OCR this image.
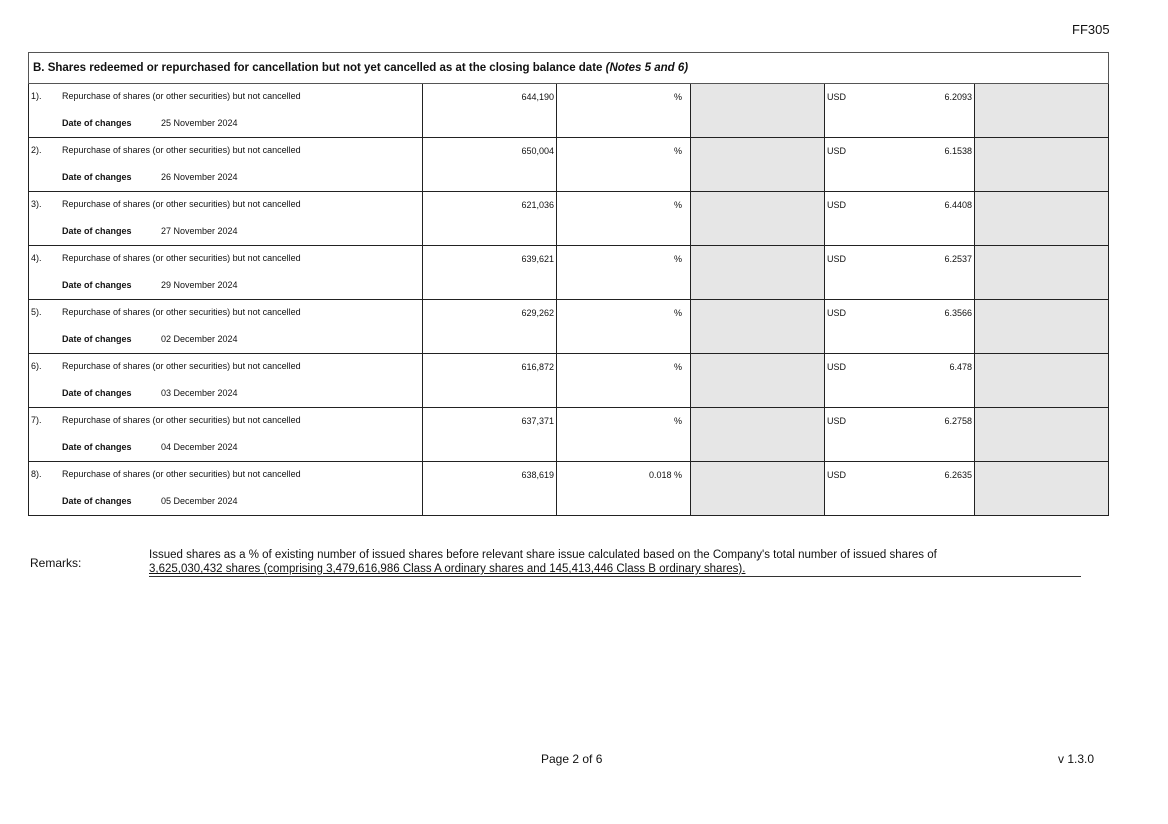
FF305
B. Shares redeemed or repurchased for cancellation but not yet cancelled as at the closing balance date (Notes 5 and 6)					

1). Repurchase of shares (or other securities) but not cancelled
Date of changes 25 November 2024	644,190	%		USD 6.2093	

2). Repurchase of shares (or other securities) but not cancelled
Date of changes 26 November 2024	650,004	%		USD 6.1538	

3). Repurchase of shares (or other securities) but not cancelled
Date of changes 27 November 2024	621,036	%		USD 6.4408	

4). Repurchase of shares (or other securities) but not cancelled
Date of changes 29 November 2024	639,621	%		USD 6.2537	

5). Repurchase of shares (or other securities) but not cancelled
Date of changes 02 December 2024	629,262	%		USD 6.3566	

6). Repurchase of shares (or other securities) but not cancelled
Date of changes 03 December 2024	616,872	%		USD 6.478	

7). Repurchase of shares (or other securities) but not cancelled
Date of changes 04 December 2024	637,371	%		USD 6.2758	

8). Repurchase of shares (or other securities) but not cancelled
Date of changes 05 December 2024	638,619	0.018 %		USD 6.2635	

Remarks:
Issued shares as a % of existing number of issued shares before relevant share issue calculated based on the Company's total number of issued shares of
3,625,030,432 shares (comprising 3,479,616,986 Class A ordinary shares and 145,413,446 Class B ordinary shares).
Page 2 of 6	v 1.3.0
